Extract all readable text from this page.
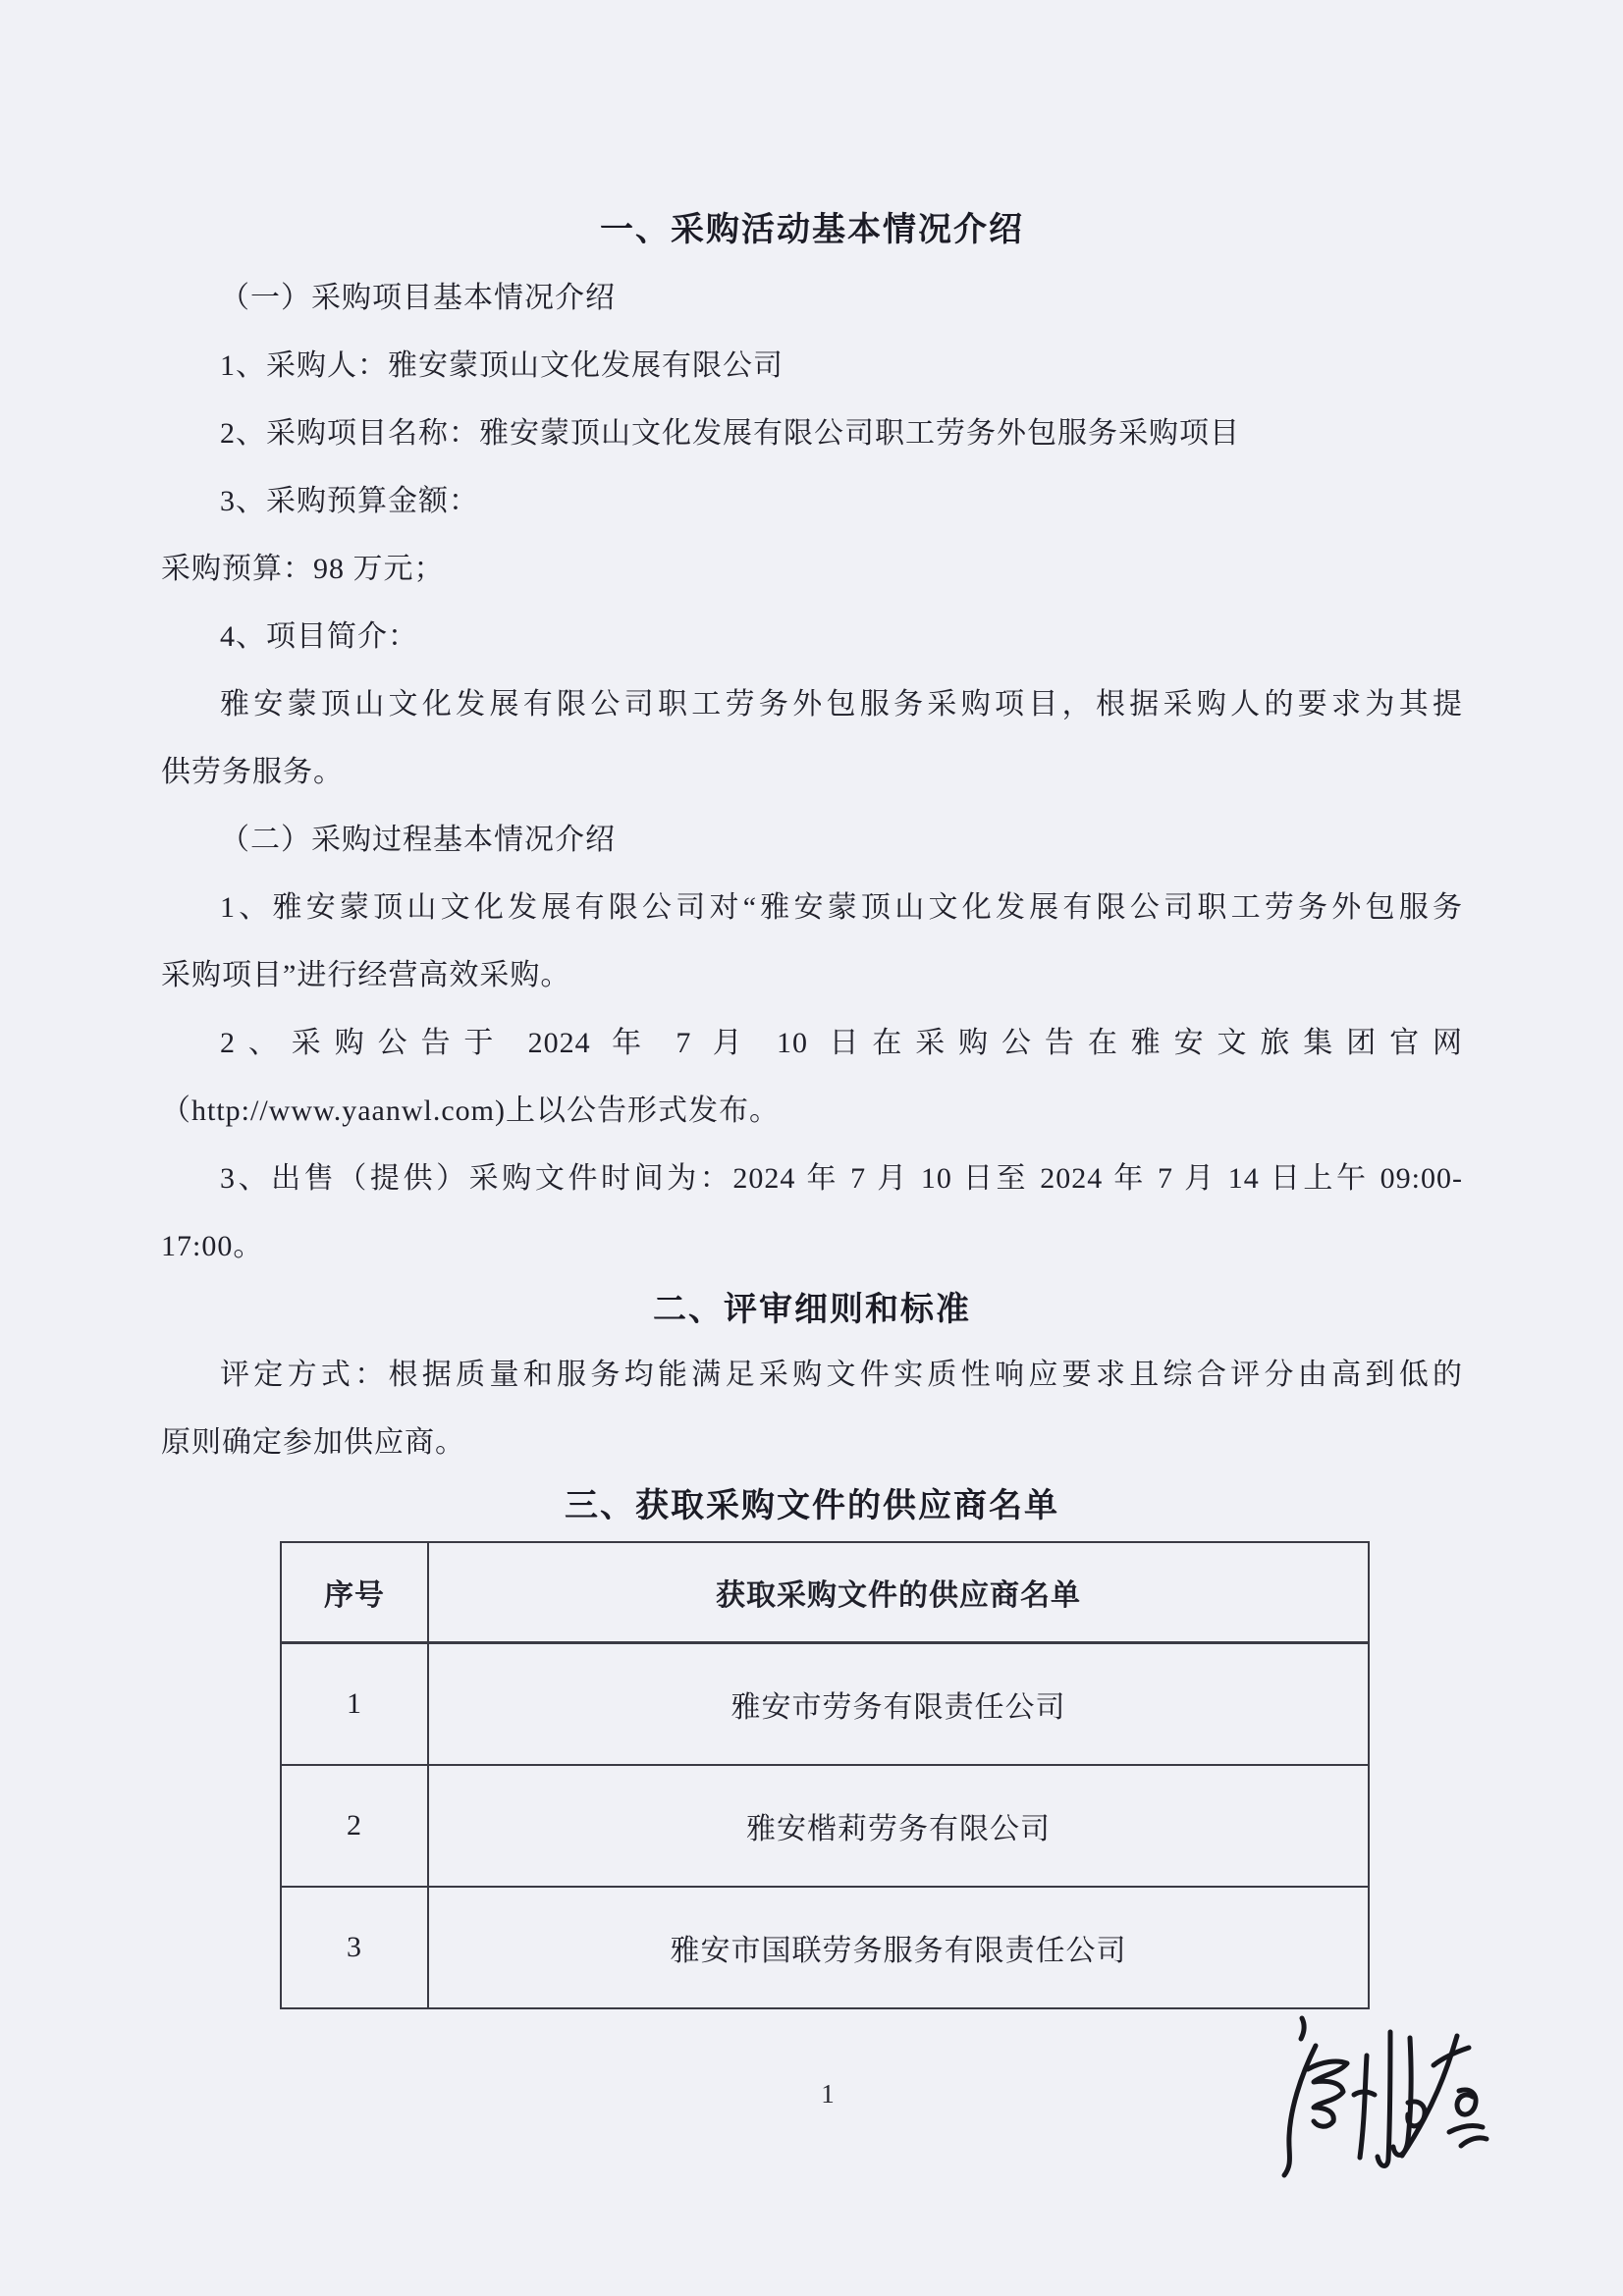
一、采购活动基本情况介绍
（一）采购项目基本情况介绍
1、采购人：雅安蒙顶山文化发展有限公司
2、采购项目名称：雅安蒙顶山文化发展有限公司职工劳务外包服务采购项目
3、采购预算金额：
采购预算：98 万元；
4、项目简介：
雅安蒙顶山文化发展有限公司职工劳务外包服务采购项目，根据采购人的要求为其提
供劳务服务。
（二）采购过程基本情况介绍
1、雅安蒙顶山文化发展有限公司对“雅安蒙顶山文化发展有限公司职工劳务外包服务
采购项目”进行经营高效采购。
2、采购公告于 2024 年 7 月 10 日在采购公告在雅安文旅集团官网
（http://www.yaanwl.com)上以公告形式发布。
3、出售（提供）采购文件时间为：2024 年 7 月 10 日至 2024 年 7 月 14 日上午 09:00-
17:00。
二、评审细则和标准
评定方式：根据质量和服务均能满足采购文件实质性响应要求且综合评分由高到低的
原则确定参加供应商。
三、获取采购文件的供应商名单
序号	获取采购文件的供应商名单
1	雅安市劳务有限责任公司
2	雅安楷莉劳务有限公司
3	雅安市国联劳务服务有限责任公司
1
